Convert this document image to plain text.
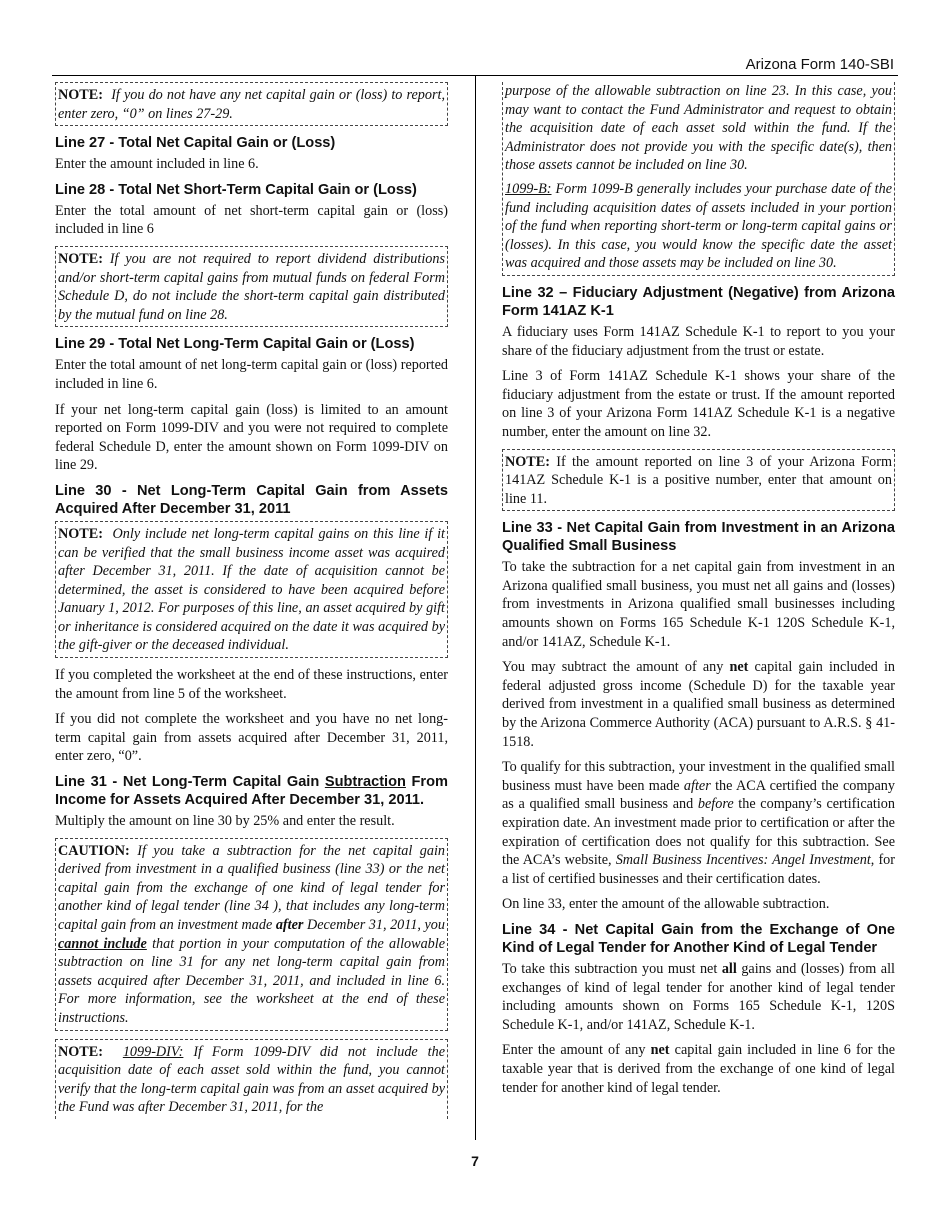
Arizona Form 140-SBI

NOTE: If you do not have any net capital gain or (loss) to report, enter zero, “0” on lines 27-29.

Line 27 - Total Net Capital Gain or (Loss)

Enter the amount included in line 6.

Line 28 - Total Net Short-Term Capital Gain or (Loss)

Enter the total amount of net short-term capital gain or (loss) included in line 6

NOTE: If you are not required to report dividend distributions and/or short-term capital gains from mutual funds on federal Form Schedule D, do not include the short-term capital gain distributed by the mutual fund on line 28.

Line 29 - Total Net Long-Term Capital Gain or (Loss)

Enter the total amount of net long-term capital gain or (loss) reported included in line 6.

If your net long-term capital gain (loss) is limited to an amount reported on Form 1099-DIV and you were not required to complete federal Schedule D, enter the amount shown on Form 1099-DIV on line 29.

Line 30 - Net Long-Term Capital Gain from Assets Acquired After December 31, 2011

NOTE: Only include net long-term capital gains on this line if it can be verified that the small business income asset was acquired after December 31, 2011. If the date of acquisition cannot be determined, the asset is considered to have been acquired before January 1, 2012. For purposes of this line, an asset acquired by gift or inheritance is considered acquired on the date it was acquired by the gift-giver or the deceased individual.

If you completed the worksheet at the end of these instructions, enter the amount from line 5 of the worksheet.

If you did not complete the worksheet and you have no net long-term capital gain from assets acquired after December 31, 2011, enter zero, “0”.

Line 31 - Net Long-Term Capital Gain Subtraction From Income for Assets Acquired After December 31, 2011.

Multiply the amount on line 30 by 25% and enter the result.

CAUTION: If you take a subtraction for the net capital gain derived from investment in a qualified business (line 33) or the net capital gain from the exchange of one kind of legal tender for another kind of legal tender (line 34 ), that includes any long-term capital gain from an investment made after December 31, 2011, you cannot include that portion in your computation of the allowable subtraction on line 31 for any net long-term capital gain from assets acquired after December 31, 2011, and included in line 6. For more information, see the worksheet at the end of these instructions.

NOTE: 1099-DIV: If Form 1099-DIV did not include the acquisition date of each asset sold within the fund, you cannot verify that the long-term capital gain was from an asset acquired by the Fund was after December 31, 2011, for the

purpose of the allowable subtraction on line 23. In this case, you may want to contact the Fund Administrator and request to obtain the acquisition date of each asset sold within the fund. If the Administrator does not provide you with the specific date(s), then those assets cannot be included on line 30.

1099-B: Form 1099-B generally includes your purchase date of the fund including acquisition dates of assets included in your portion of the fund when reporting short-term or long-term capital gains or (losses). In this case, you would know the specific date the asset was acquired and those assets may be included on line 30.

Line 32 – Fiduciary Adjustment (Negative) from Arizona Form 141AZ K-1

A fiduciary uses Form 141AZ Schedule K-1 to report to you your share of the fiduciary adjustment from the trust or estate.

Line 3 of Form 141AZ Schedule K-1 shows your share of the fiduciary adjustment from the estate or trust. If the amount reported on line 3 of your Arizona Form 141AZ Schedule K-1 is a negative number, enter the amount on line 32.

NOTE: If the amount reported on line 3 of your Arizona Form 141AZ Schedule K-1 is a positive number, enter that amount on line 11.

Line 33 - Net Capital Gain from Investment in an Arizona Qualified Small Business

To take the subtraction for a net capital gain from investment in an Arizona qualified small business, you must net all gains and (losses) from investments in Arizona qualified small businesses including amounts shown on Forms 165 Schedule K-1 120S Schedule K-1, and/or 141AZ, Schedule K-1.

You may subtract the amount of any net capital gain included in federal adjusted gross income (Schedule D) for the taxable year derived from investment in a qualified small business as determined by the Arizona Commerce Authority (ACA) pursuant to A.R.S. § 41-1518.

To qualify for this subtraction, your investment in the qualified small business must have been made after the ACA certified the company as a qualified small business and before the company’s certification expiration date. An investment made prior to certification or after the expiration of certification does not qualify for this subtraction. See the ACA’s website, Small Business Incentives: Angel Investment, for a list of certified businesses and their certification dates.

On line 33, enter the amount of the allowable subtraction.

Line 34 - Net Capital Gain from the Exchange of One Kind of Legal Tender for Another Kind of Legal Tender

To take this subtraction you must net all gains and (losses) from all exchanges of kind of legal tender for another kind of legal tender including amounts shown on Forms 165 Schedule K-1, 120S Schedule K-1, and/or 141AZ, Schedule K-1.

Enter the amount of any net capital gain included in line 6 for the taxable year that is derived from the exchange of one kind of legal tender for another kind of legal tender.

7
